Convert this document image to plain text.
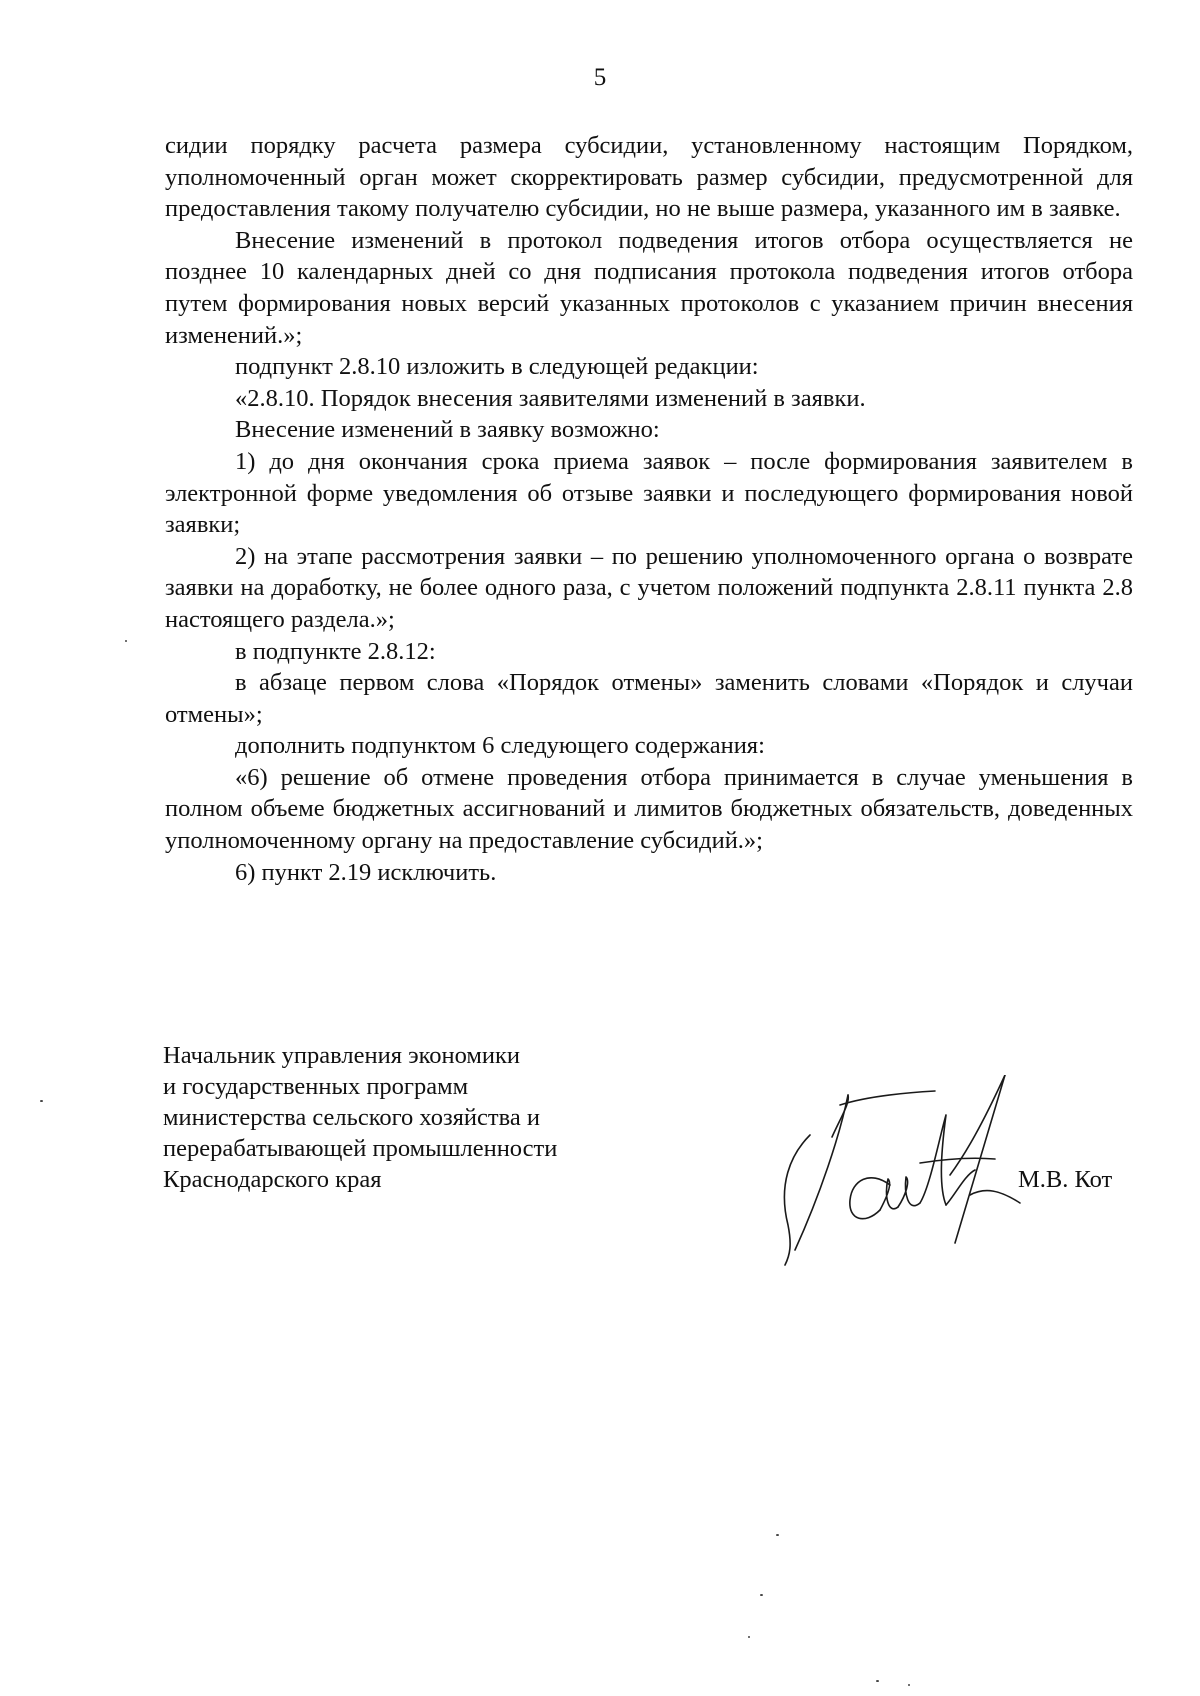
5

сидии порядку расчета размера субсидии, установленному настоящим Порядком, уполномоченный орган может скорректировать размер субсидии, предусмотренной для предоставления такому получателю субсидии, но не выше размера, указанного им в заявке.

Внесение изменений в протокол подведения итогов отбора осуществляется не позднее 10 календарных дней со дня подписания протокола подведения итогов отбора путем формирования новых версий указанных протоколов с указанием причин внесения изменений.»;

подпункт 2.8.10 изложить в следующей редакции:

«2.8.10. Порядок внесения заявителями изменений в заявки.

Внесение изменений в заявку возможно:

1) до дня окончания срока приема заявок – после формирования заявителем в электронной форме уведомления об отзыве заявки и последующего формирования новой заявки;

2) на этапе рассмотрения заявки – по решению уполномоченного органа о возврате заявки на доработку, не более одного раза, с учетом положений подпункта 2.8.11 пункта 2.8 настоящего раздела.»;

в подпункте 2.8.12:

в абзаце первом слова «Порядок отмены» заменить словами «Порядок и случаи отмены»;

дополнить подпунктом 6 следующего содержания:

«6) решение об отмене проведения отбора принимается в случае уменьшения в полном объеме бюджетных ассигнований и лимитов бюджетных обязательств, доведенных уполномоченному органу на предоставление субсидий.»;

6) пункт 2.19 исключить.

Начальник управления экономики
и государственных программ
министерства сельского хозяйства и
перерабатывающей промышленности
Краснодарского края	М.В. Кот
